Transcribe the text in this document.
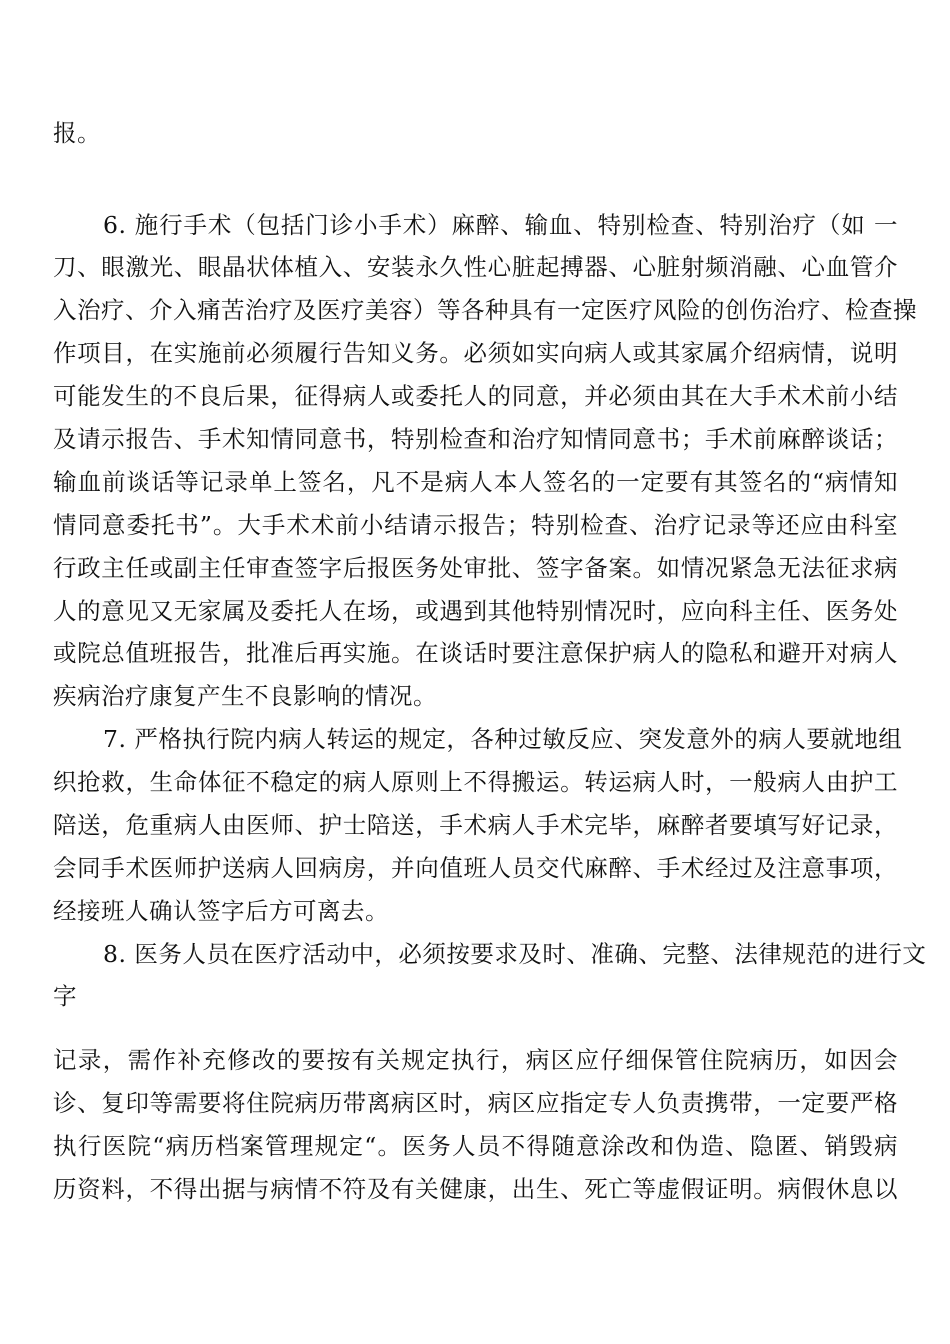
报。
6. 施行手术（包括门诊小手术）麻醉、输血、特别检查、特别治疗（如 一
刀、眼激光、眼晶状体植入、安装永久性心脏起搏器、心脏射频消融、心血管介
入治疗、介入痛苦治疗及医疗美容）等各种具有一定医疗风险的创伤治疗、检查操
作项目，在实施前必须履行告知义务。必须如实向病人或其家属介绍病情，说明
可能发生的不良后果，征得病人或委托人的同意，并必须由其在大手术术前小结
及请示报告、手术知情同意书，特别检查和治疗知情同意书；手术前麻醉谈话；
输血前谈话等记录单上签名，凡不是病人本人签名的一定要有其签名的“病情知
情同意委托书”。大手术术前小结请示报告；特别检查、治疗记录等还应由科室
行政主任或副主任审查签字后报医务处审批、签字备案。如情况紧急无法征求病
人的意见又无家属及委托人在场，或遇到其他特别情况时，应向科主任、医务处
或院总值班报告，批准后再实施。在谈话时要注意保护病人的隐私和避开对病人
疾病治疗康复产生不良影响的情况。
7. 严格执行院内病人转运的规定，各种过敏反应、突发意外的病人要就地组
织抢救，生命体征不稳定的病人原则上不得搬运。转运病人时，一般病人由护工
陪送，危重病人由医师、护士陪送，手术病人手术完毕，麻醉者要填写好记录，
会同手术医师护送病人回病房，并向值班人员交代麻醉、手术经过及注意事项，
经接班人确认签字后方可离去。
8. 医务人员在医疗活动中，必须按要求及时、准确、完整、法律规范的进行文
字
记录，需作补充修改的要按有关规定执行，病区应仔细保管住院病历，如因会
诊、复印等需要将住院病历带离病区时，病区应指定专人负责携带，一定要严格
执行医院“病历档案管理规定“。医务人员不得随意涂改和伪造、隐匿、销毁病
历资料，不得出据与病情不符及有关健康，出生、死亡等虚假证明。病假休息以
